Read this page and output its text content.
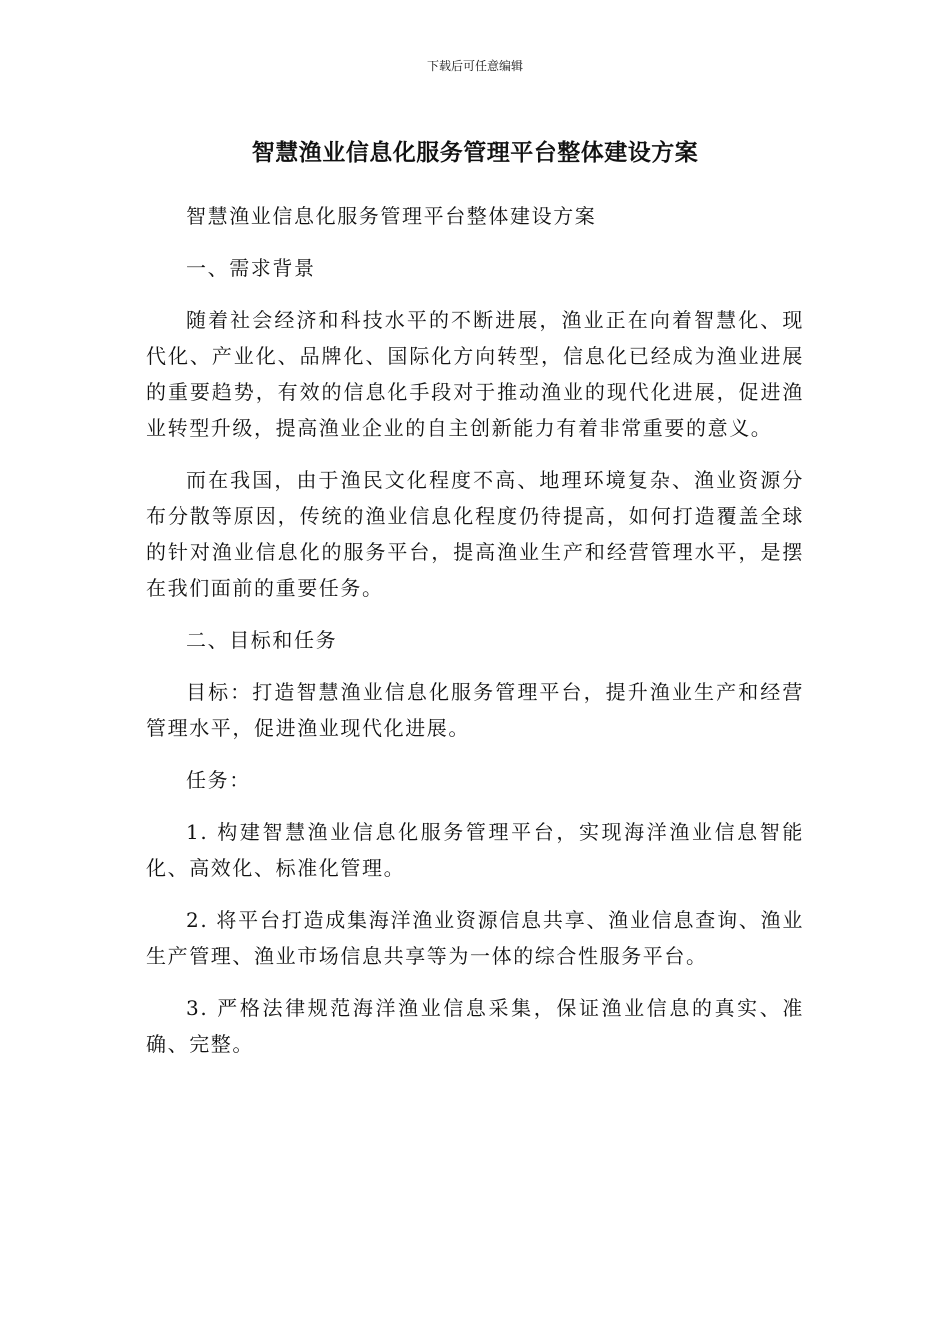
下载后可任意编辑
智慧渔业信息化服务管理平台整体建设方案

智慧渔业信息化服务管理平台整体建设方案

一、需求背景

随着社会经济和科技水平的不断进展，渔业正在向着智慧化、现代化、产业化、品牌化、国际化方向转型，信息化已经成为渔业进展的重要趋势，有效的信息化手段对于推动渔业的现代化进展，促进渔业转型升级，提高渔业企业的自主创新能力有着非常重要的意义。

而在我国，由于渔民文化程度不高、地理环境复杂、渔业资源分布分散等原因，传统的渔业信息化程度仍待提高，如何打造覆盖全球的针对渔业信息化的服务平台，提高渔业生产和经营管理水平，是摆在我们面前的重要任务。

二、目标和任务

目标：打造智慧渔业信息化服务管理平台，提升渔业生产和经营管理水平，促进渔业现代化进展。

任务：

1. 构建智慧渔业信息化服务管理平台，实现海洋渔业信息智能化、高效化、标准化管理。

2. 将平台打造成集海洋渔业资源信息共享、渔业信息查询、渔业生产管理、渔业市场信息共享等为一体的综合性服务平台。

3. 严格法律规范海洋渔业信息采集，保证渔业信息的真实、准确、完整。
